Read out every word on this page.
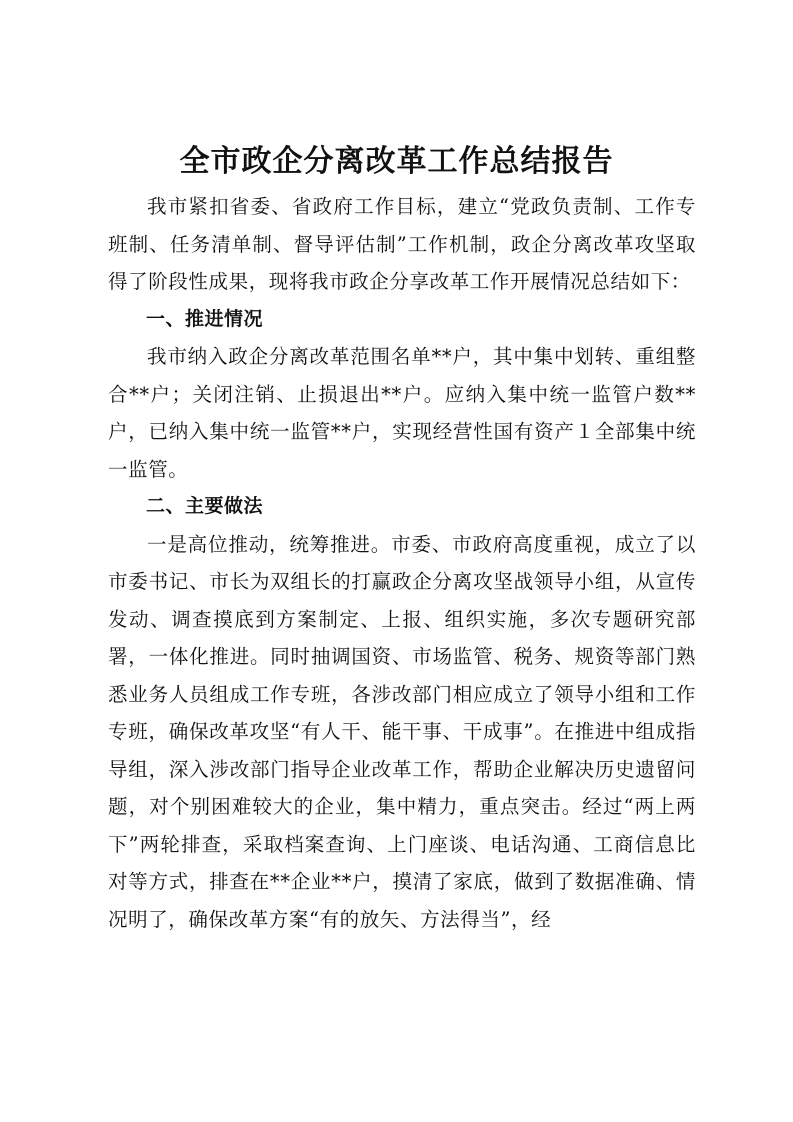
全市政企分离改革工作总结报告

我市紧扣省委、省政府工作目标，建立“党政负责制、工作专班制、任务清单制、督导评估制”工作机制，政企分离改革攻坚取得了阶段性成果，现将我市政企分享改革工作开展情况总结如下：

一、推进情况

我市纳入政企分离改革范围名单**户，其中集中划转、重组整合**户；关闭注销、止损退出**户。应纳入集中统一监管户数**户，已纳入集中统一监管**户，实现经营性国有资产１全部集中统一监管。

二、主要做法

一是高位推动，统筹推进。市委、市政府高度重视，成立了以市委书记、市长为双组长的打赢政企分离攻坚战领导小组，从宣传发动、调查摸底到方案制定、上报、组织实施，多次专题研究部署，一体化推进。同时抽调国资、市场监管、税务、规资等部门熟悉业务人员组成工作专班，各涉改部门相应成立了领导小组和工作专班，确保改革攻坚“有人干、能干事、干成事”。在推进中组成指导组，深入涉改部门指导企业改革工作，帮助企业解决历史遗留问题，对个别困难较大的企业，集中精力，重点突击。经过“两上两下”两轮排查，采取档案查询、上门座谈、电话沟通、工商信息比对等方式，排查在**企业**户，摸清了家底，做到了数据准确、情况明了，确保改革方案“有的放矢、方法得当”，经
